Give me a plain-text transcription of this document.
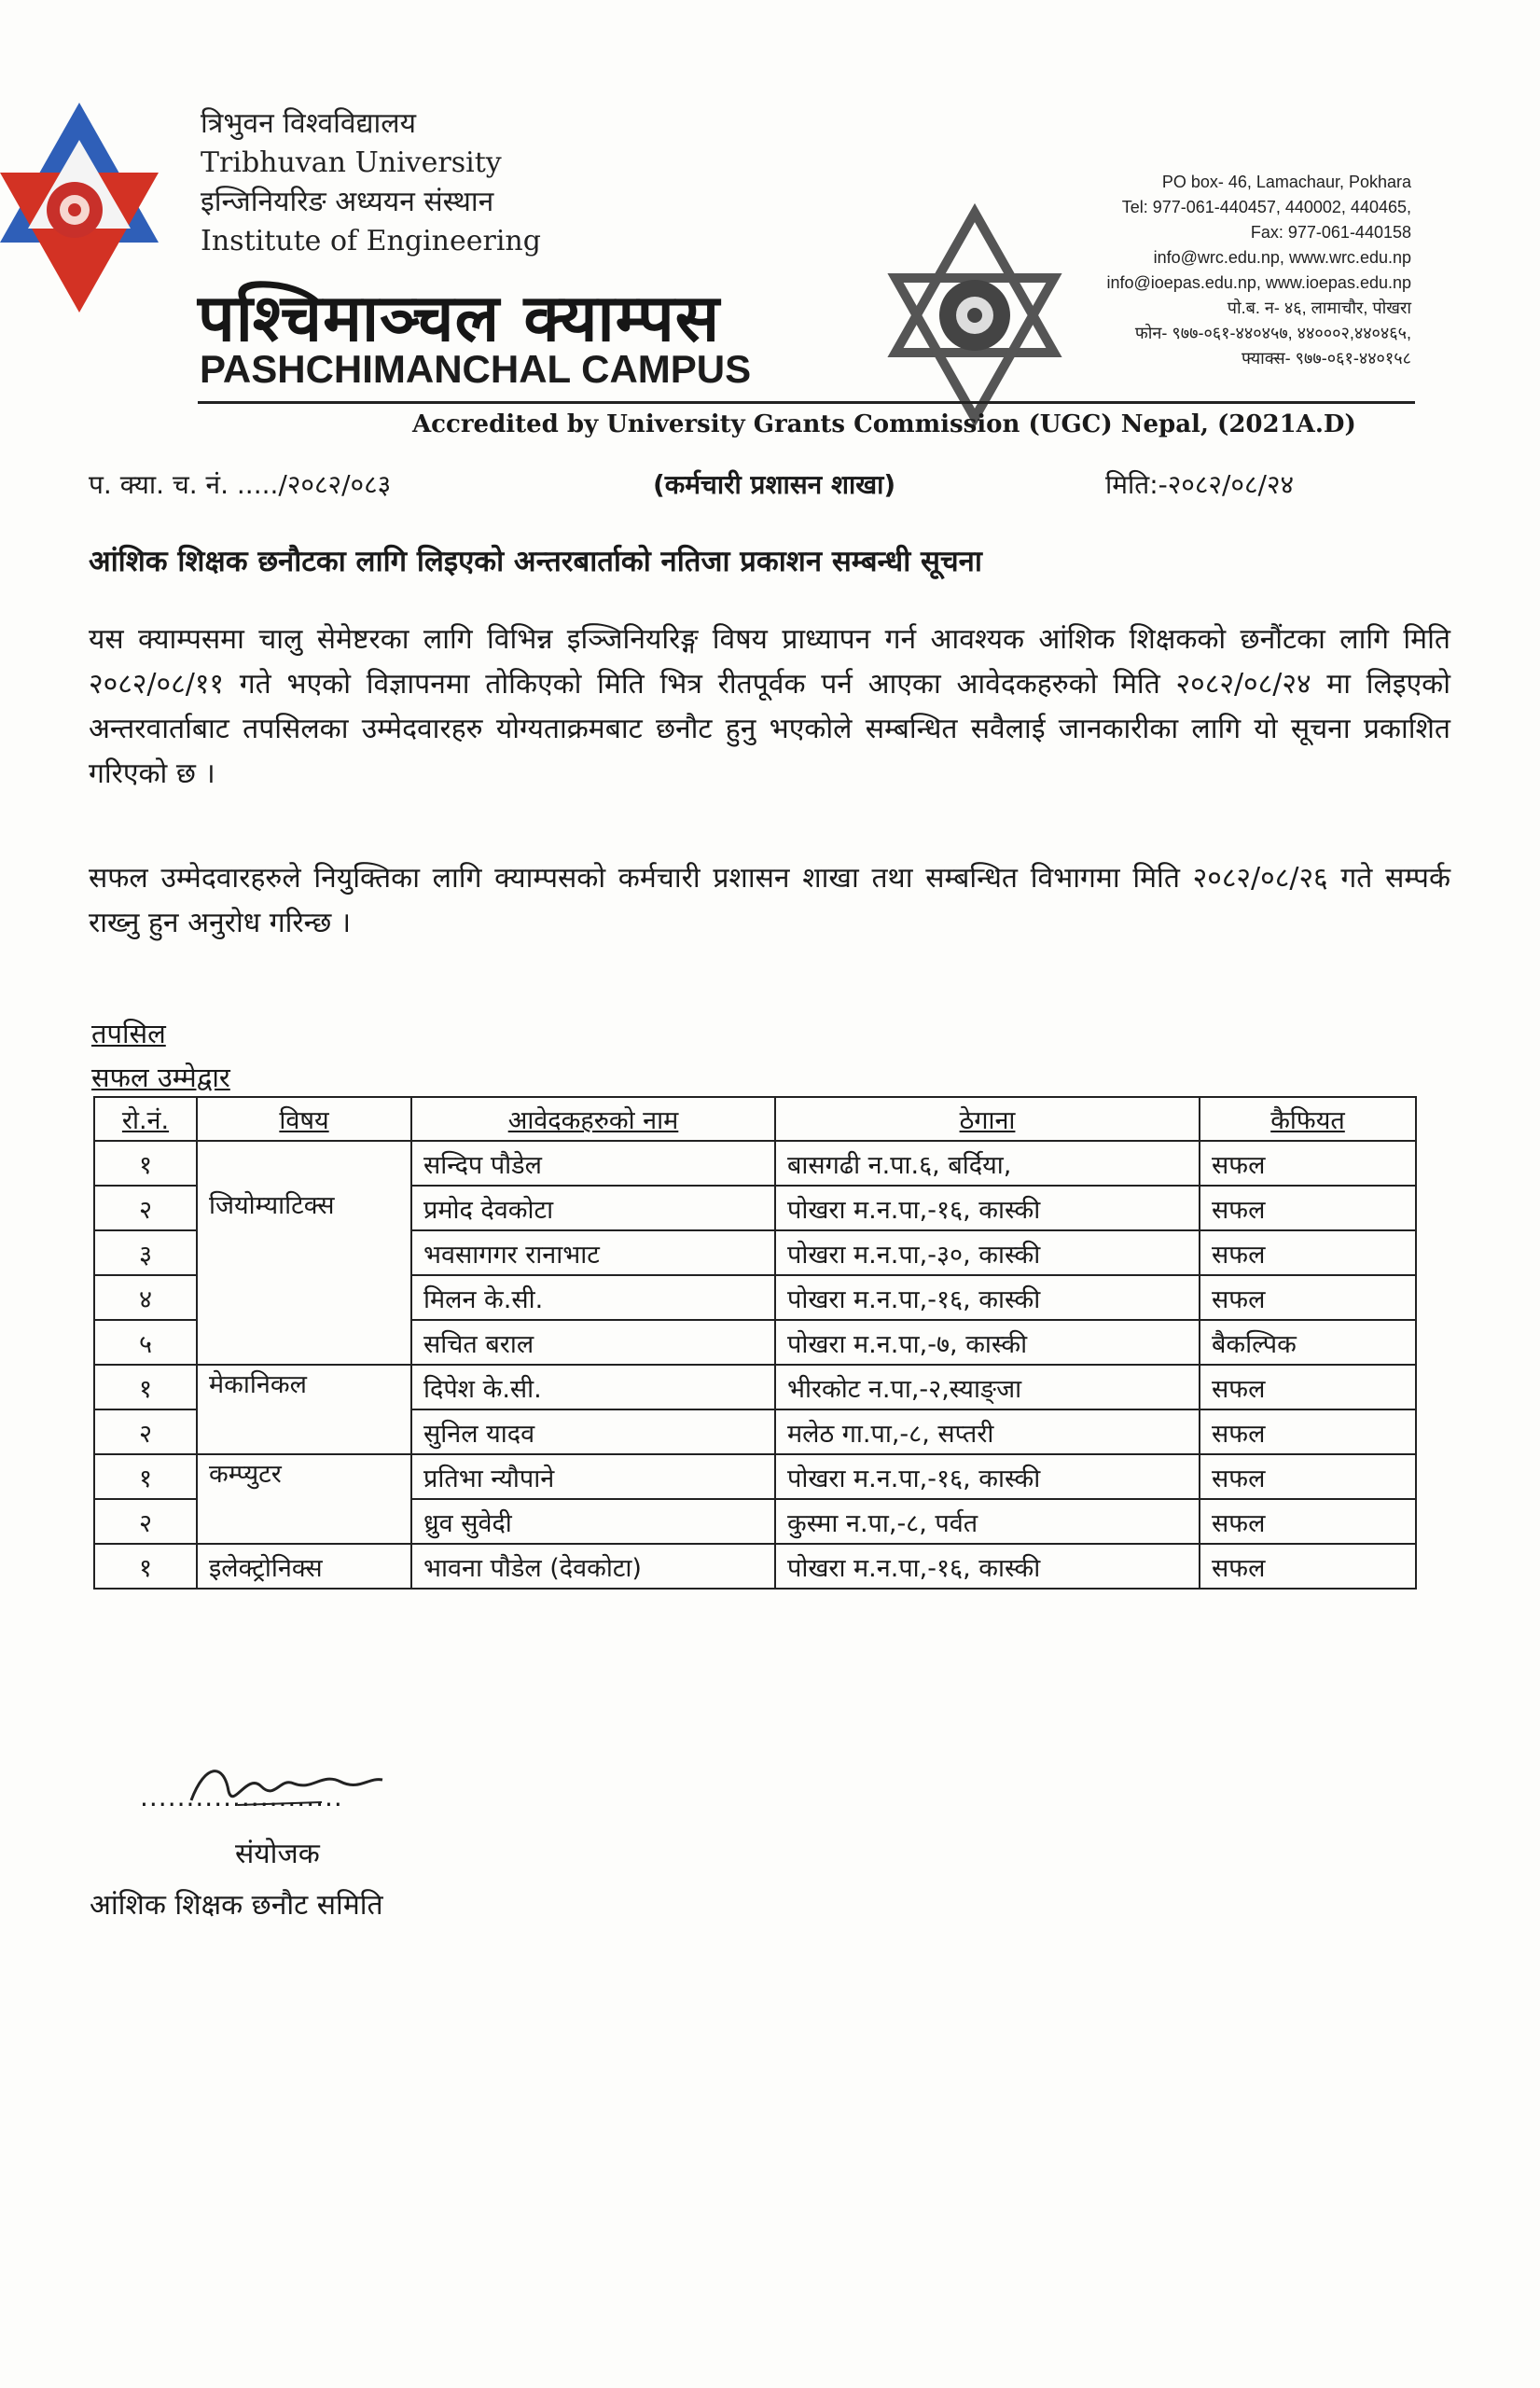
त्रिभुवन विश्वविद्यालय
Tribhuvan University
इन्जिनियरिङ अध्ययन संस्थान
Institute of Engineering
पश्चिमाञ्चल क्याम्पस
PASHCHIMANCHAL CAMPUS
PO box- 46, Lamachaur, Pokhara
Tel: 977-061-440457, 440002, 440465,
Fax: 977-061-440158
info@wrc.edu.np, www.wrc.edu.np
info@ioepas.edu.np, www.ioepas.edu.np
पो.ब. न- ४६, लामाचौर, पोखरा
फोन- ९७७-०६१-४४०४५७, ४४०००२,४४०४६५,
फ्याक्स- ९७७-०६१-४४०१५८
Accredited by University Grants Commission (UGC) Nepal, (2021A.D)
प. क्या. च. नं. ...../२०८२/०८३	(कर्मचारी प्रशासन शाखा)	मिति:-२०८२/०८/२४
आंशिक शिक्षक छनौटका लागि लिइएको अन्तरबार्ताको नतिजा प्रकाशन सम्बन्धी सूचना
यस क्याम्पसमा चालु सेमेष्टरका लागि विभिन्न इञ्जिनियरिङ्ग विषय प्राध्यापन गर्न आवश्यक आंशिक शिक्षकको छनौंटका लागि मिति २०८२/०८/११ गते भएको विज्ञापनमा तोकिएको मिति भित्र रीतपूर्वक पर्न आएका आवेदकहरुको मिति २०८२/०८/२४ मा लिइएको अन्तरवार्ताबाट तपसिलका उम्मेदवारहरु योग्यताक्रमबाट छनौट हुनु भएकोले सम्बन्धित सवैलाई जानकारीका लागि यो सूचना प्रकाशित गरिएको छ ।
सफल उम्मेदवारहरुले नियुक्तिका लागि क्याम्पसको कर्मचारी प्रशासन शाखा तथा सम्बन्धित विभागमा मिति २०८२/०८/२६ गते सम्पर्क राख्नु हुन अनुरोध गरिन्छ ।
तपसिल
सफल उम्मेद्वार
रो.नं.	विषय	आवेदकहरुको नाम	ठेगाना	कैफियत
१	जियोम्याटिक्स	सन्दिप पौडेल	बासगढी न.पा.६, बर्दिया,	सफल
२		प्रमोद देवकोटा	पोखरा म.न.पा,-१६, कास्की	सफल
३		भवसागगर रानाभाट	पोखरा म.न.पा,-३०, कास्की	सफल
४		मिलन के.सी.	पोखरा म.न.पा,-१६, कास्की	सफल
५		सचित बराल	पोखरा म.न.पा,-७, कास्की	बैकल्पिक
१	मेकानिकल	दिपेश के.सी.	भीरकोट न.पा,-२,स्याङ्जा	सफल
२		सुनिल यादव	मलेठ गा.पा,-८, सप्तरी	सफल
१	कम्प्युटर	प्रतिभा न्यौपाने	पोखरा म.न.पा,-१६, कास्की	सफल
२		ध्रुव सुवेदी	कुस्मा न.पा,-८, पर्वत	सफल
१	इलेक्ट्रोनिक्स	भावना पौडेल (देवकोटा)	पोखरा म.न.पा,-१६, कास्की	सफल
......................
संयोजक
आंशिक शिक्षक छनौट समिति
